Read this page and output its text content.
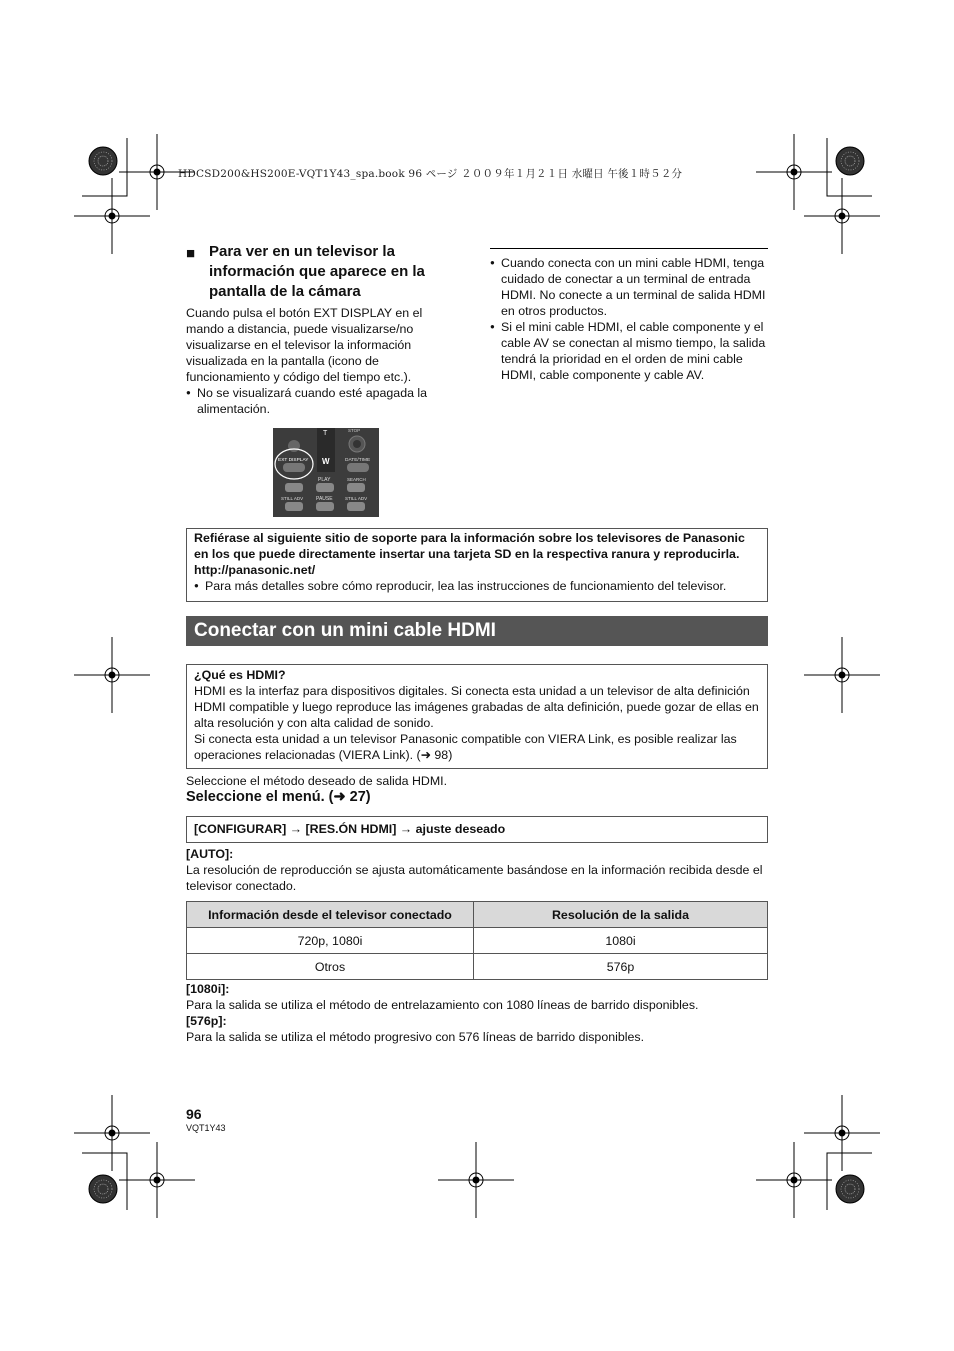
HDCSD200&HS200E-VQT1Y43_spa.book 96 ページ ２００９年１月２１日 水曜日 午後１時５２分
■ Para ver en un televisor la información que aparece en la pantalla de la cámara
Cuando pulsa el botón EXT DISPLAY en el mando a distancia, puede visualizarse/no visualizarse en el televisor la información visualizada en la pantalla (icono de funcionamiento y código del tiempo etc.).
● No se visualizará cuando esté apagada la alimentación.
● Cuando conecta con un mini cable HDMI, tenga cuidado de conectar a un terminal de entrada HDMI. No conecte a un terminal de salida HDMI en otros productos.
● Si el mini cable HDMI, el cable componente y el cable AV se conectan al mismo tiempo, la salida tendrá la prioridad en el orden de mini cable HDMI, cable componente y cable AV.
T
W
STOP
EXT DISPLAY	DATE/TIME
PLAY	SEARCH
STILL ADV	PAUSE	STILL ADV
Refiérase al siguiente sitio de soporte para la información sobre los televisores de Panasonic en los que puede directamente insertar una tarjeta SD en la respectiva ranura y reproducirla.
http://panasonic.net/
● Para más detalles sobre cómo reproducir, lea las instrucciones de funcionamiento del televisor.
Conectar con un mini cable HDMI
¿Qué es HDMI?
HDMI es la interfaz para dispositivos digitales. Si conecta esta unidad a un televisor de alta definición HDMI compatible y luego reproduce las imágenes grabadas de alta definición, puede gozar de ellas en alta resolución y con alta calidad de sonido.
Si conecta esta unidad a un televisor Panasonic compatible con VIERA Link, es posible realizar las operaciones relacionadas (VIERA Link). (➜ 98)
Seleccione el método deseado de salida HDMI.
Seleccione el menú. (➜ 27)
[CONFIGURAR] → [RES.ÓN HDMI] → ajuste deseado
[AUTO]:
La resolución de reproducción se ajusta automáticamente basándose en la información recibida desde el televisor conectado.
Información desde el televisor conectado	Resolución de la salida
720p, 1080i	1080i
Otros	576p
[1080i]:
Para la salida se utiliza el método de entrelazamiento con 1080 líneas de barrido disponibles.
[576p]:
Para la salida se utiliza el método progresivo con 576 líneas de barrido disponibles.
96
VQT1Y43
